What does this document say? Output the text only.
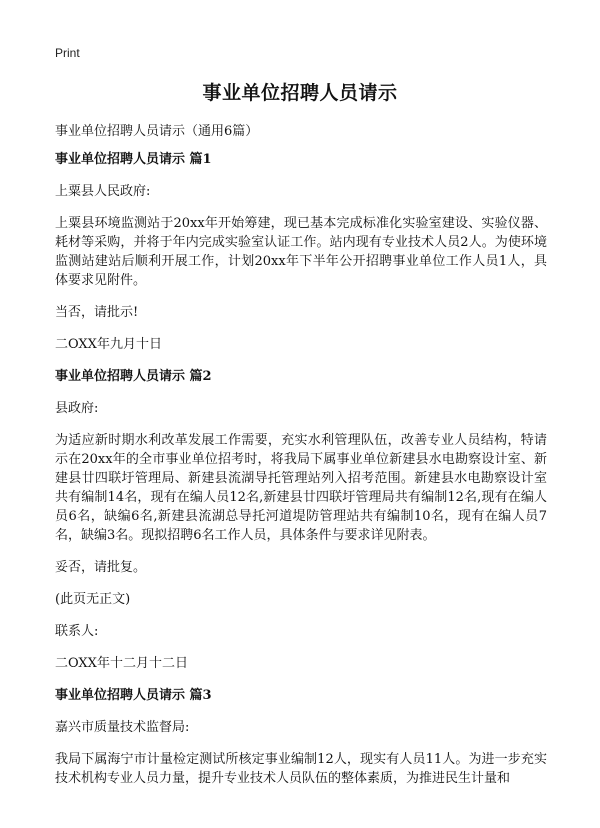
Print
事业单位招聘人员请示
事业单位招聘人员请示（通用6篇）
事业单位招聘人员请示 篇1

上粟县人民政府:

上粟县环境监测站于20xx年开始筹建，现已基本完成标准化实验室建设、实验仪器、耗材等采购，并将于年内完成实验室认证工作。站内现有专业技术人员2人。为使环境监测站建站后顺利开展工作，计划20xx年下半年公开招聘事业单位工作人员1人，具体要求见附件。

当否，请批示!

二OXX年九月十日

事业单位招聘人员请示 篇2

县政府:

为适应新时期水利改革发展工作需要，充实水利管理队伍，改善专业人员结构，特请示在20xx年的全市事业单位招考时，将我局下属事业单位新建县水电勘察设计室、新建县廿四联圩管理局、新建县流湖导托管理站列入招考范围。新建县水电勘察设计室共有编制14名，现有在编人员12名,新建县廿四联圩管理局共有编制12名,现有在编人员6名，缺编6名,新建县流湖总导托河道堤防管理站共有编制10名，现有在编人员7名，缺编3名。现拟招聘6名工作人员，具体条件与要求详见附表。

妥否，请批复。

(此页无正文)

联系人:

二OXX年十二月十二日

事业单位招聘人员请示 篇3

嘉兴市质量技术监督局:

我局下属海宁市计量检定测试所核定事业编制12人，现实有人员11人。为进一步充实技术机构专业人员力量，提升专业技术人员队伍的整体素质，为推进民生计量和
